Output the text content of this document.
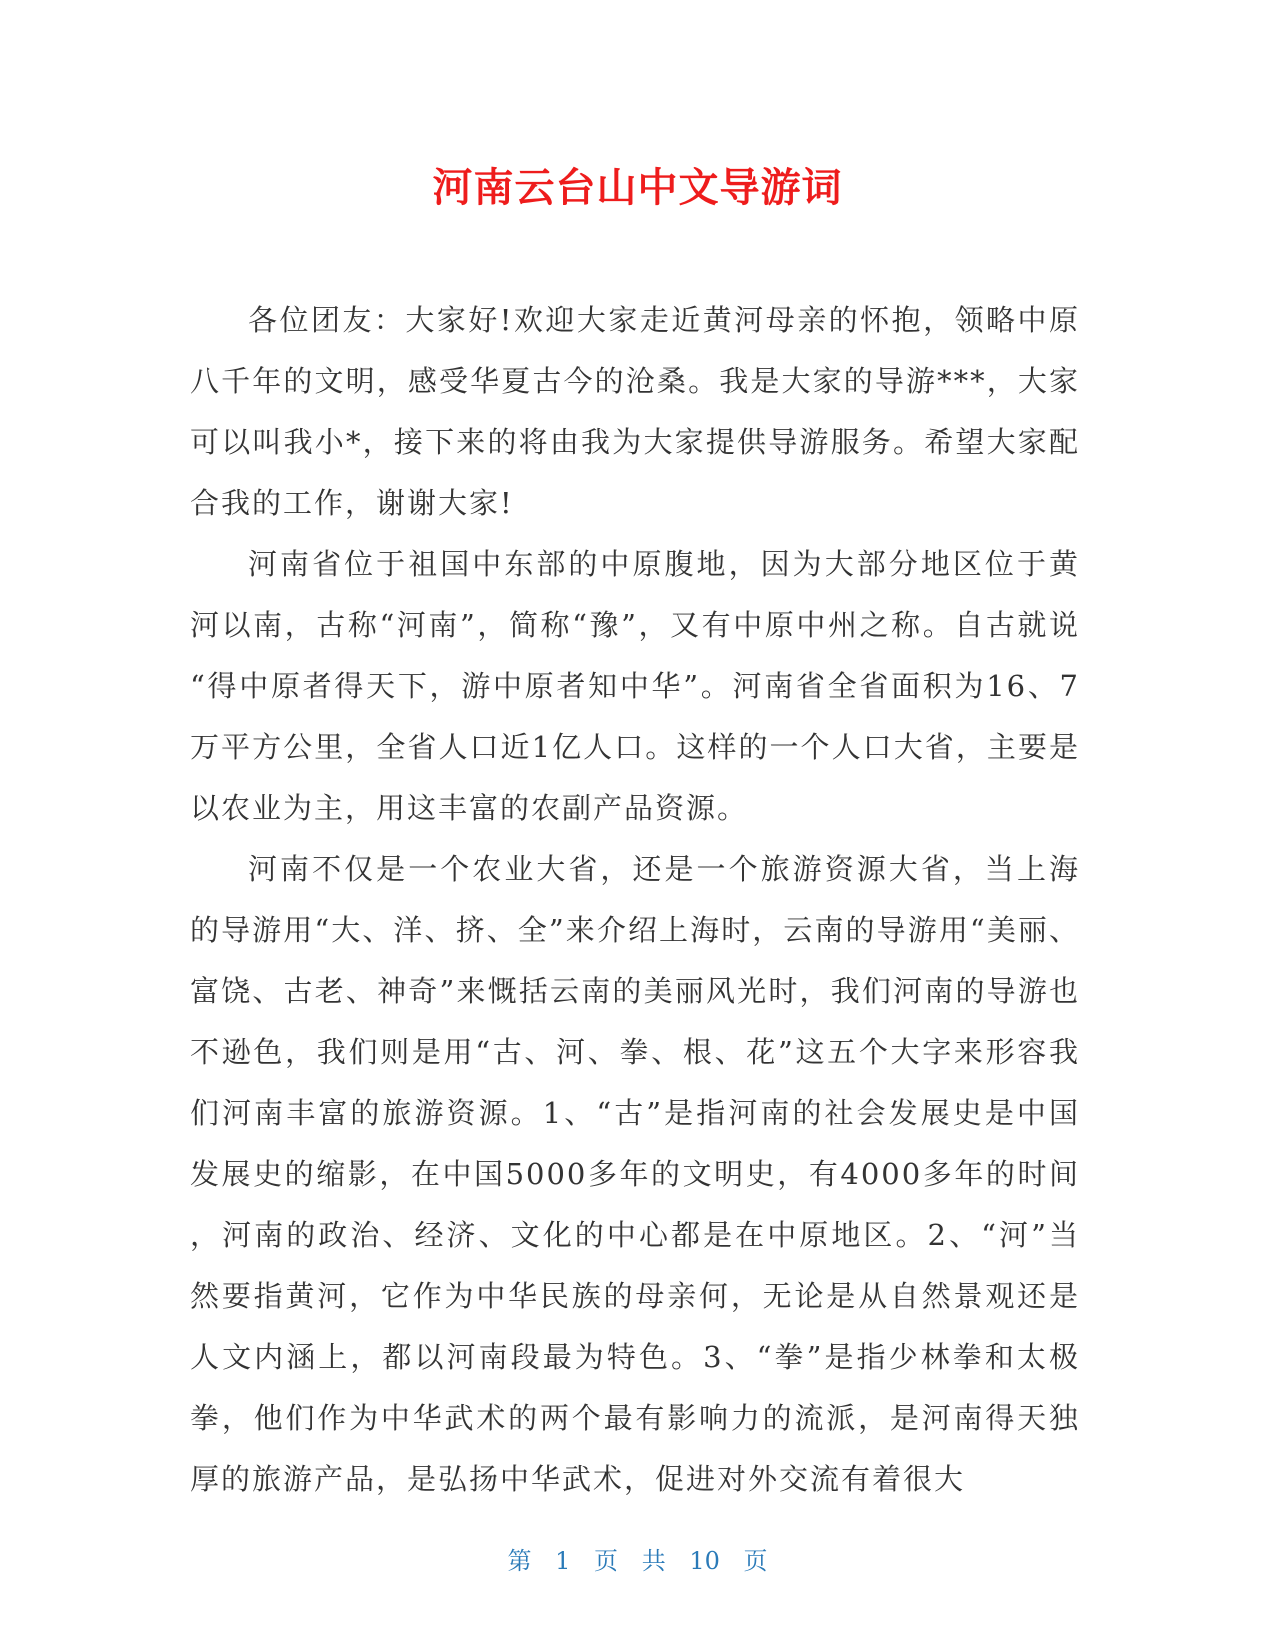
河南云台山中文导游词

各位团友：大家好!欢迎大家走近黄河母亲的怀抱，领略中原八千年的文明，感受华夏古今的沧桑。我是大家的导游***，大家可以叫我小*，接下来的将由我为大家提供导游服务。希望大家配合我的工作，谢谢大家!

河南省位于祖国中东部的中原腹地，因为大部分地区位于黄河以南，古称“河南”，简称“豫”，又有中原中州之称。自古就说“得中原者得天下，游中原者知中华”。河南省全省面积为16、7万平方公里，全省人口近1亿人口。这样的一个人口大省，主要是以农业为主，用这丰富的农副产品资源。

河南不仅是一个农业大省，还是一个旅游资源大省，当上海的导游用“大、洋、挤、全”来介绍上海时，云南的导游用“美丽、富饶、古老、神奇”来慨括云南的美丽风光时，我们河南的导游也不逊色，我们则是用“古、河、拳、根、花”这五个大字来形容我们河南丰富的旅游资源。1、“古”是指河南的社会发展史是中国发展史的缩影，在中国5000多年的文明史，有4000多年的时间，河南的政治、经济、文化的中心都是在中原地区。2、“河”当然要指黄河，它作为中华民族的母亲何，无论是从自然景观还是人文内涵上，都以河南段最为特色。3、“拳”是指少林拳和太极拳，他们作为中华武术的两个最有影响力的流派，是河南得天独厚的旅游产品，是弘扬中华武术，促进对外交流有着很大

第 1 页 共 10 页
